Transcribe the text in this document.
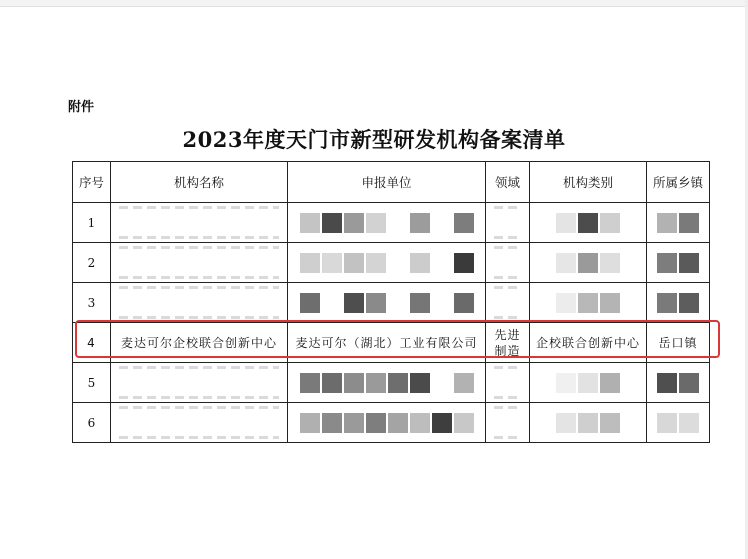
附件
2023年度天门市新型研发机构备案清单
序号	机构名称	申报单位	领域	机构类别	所属乡镇
1	

2	

3	

4	麦达可尔企校联合创新中心	麦达可尔（湖北）工业有限公司	先进
制造	企校联合创新中心	岳口镇
5	

6	
